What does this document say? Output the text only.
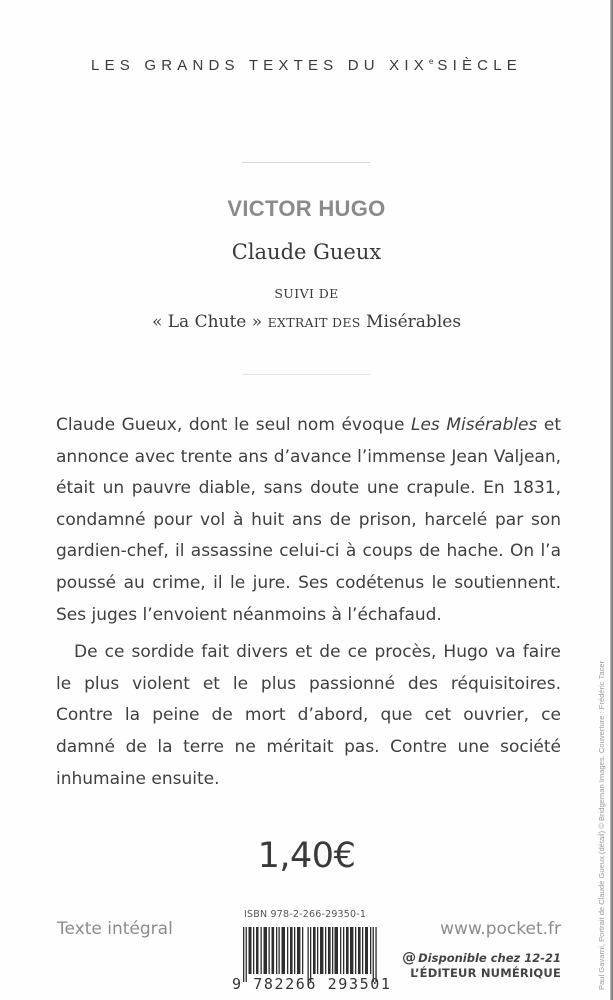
LES GRANDS TEXTES DU XIXe SIÈCLE
VICTOR HUGO
Claude Gueux
SUIVI DE
« La Chute » EXTRAIT DES Misérables

Claude Gueux, dont le seul nom évoque Les Misérables et annonce avec trente ans d’avance l’immense Jean Valjean, était un pauvre diable, sans doute une crapule. En 1831, condamné pour vol à huit ans de prison, harcelé par son gardien-chef, il assassine celui-ci à coups de hache. On l’a poussé au crime, il le jure. Ses codétenus le soutiennent. Ses juges l’envoient néanmoins à l’échafaud.

De ce sordide fait divers et de ce procès, Hugo va faire le plus violent et le plus passionné des réquisitoires. Contre la peine de mort d’abord, que cet ouvrier, ce damné de la terre ne méritait pas. Contre une société inhumaine ensuite.	Paul Gavarni, Portrait de Claude Gueux (détail) © Bridgeman Images. Couverture : Frédéric Tacer
1,40€
ISBN 978-2-266-29350-1
9 782266 293501
Texte intégral	www.pocket.fr
@ Disponible chez 12-21
L’ÉDITEUR NUMÉRIQUE
